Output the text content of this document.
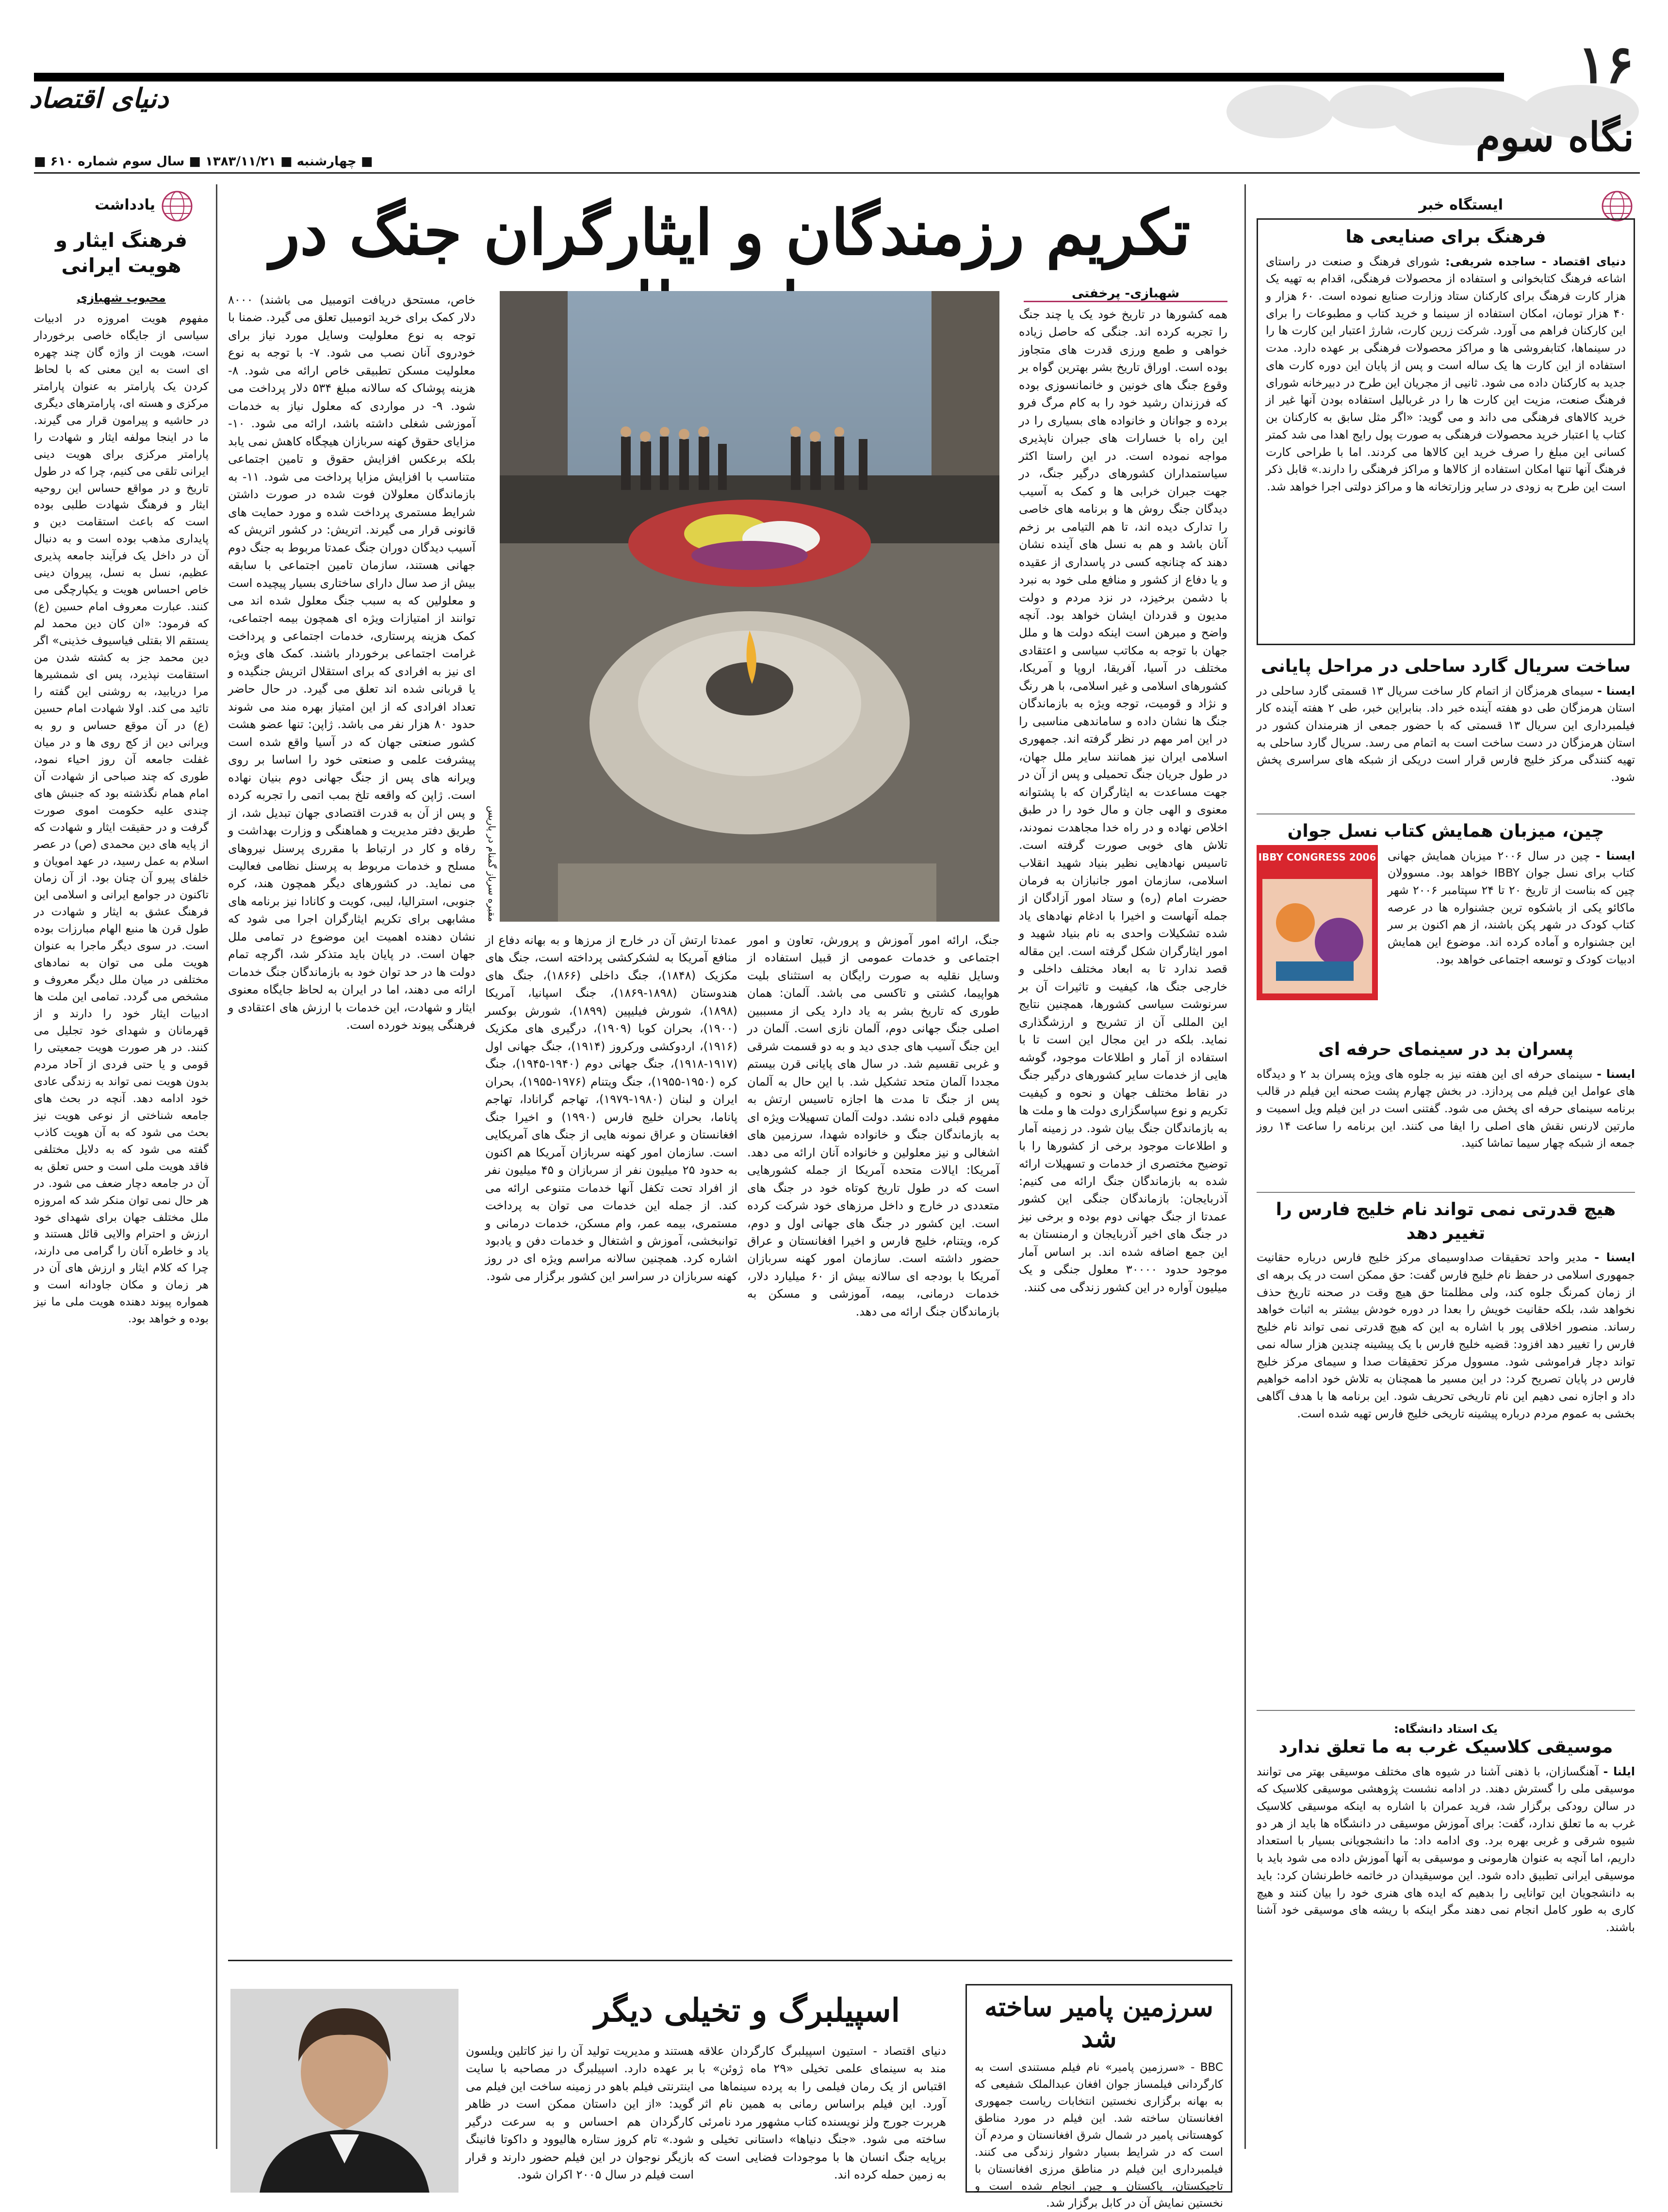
۱۶
نگاه سوم
دنیای اقتصاد
■ چهارشنبه ■ ۱۳۸۳/۱۱/۲۱ ■ سال سوم شماره ۶۱۰ ■
یادداشت
فرهنگ ایثار و هویت ایرانی
محبوب شهبازی
مفهوم هویت امروزه در ادبیات سیاسی از جایگاه خاصی برخوردار است، هویت از واژه گان چند چهره ای است به این معنی که با لحاظ کردن یک پارامتر به عنوان پارامتر مرکزی و هسته ای، پارامترهای دیگری در حاشیه و پیرامون قرار می گیرند. ما در اینجا مولفه ایثار و شهادت را پارامتر مرکزی برای هویت دینی ایرانی تلقی می کنیم، چرا که در طول تاریخ و در مواقع حساس این روحیه ایثار و فرهنگ شهادت طلبی بوده است که باعث استقامت دین و پایداری مذهب بوده است و به دنبال آن در داخل یک فرآیند جامعه پذیری عظیم، نسل به نسل، پیروان دینی خاص احساس هویت و یکپارچگی می کنند. عبارت معروف امام حسین (ع) که فرمود: «ان کان دین محمد لم یستقم الا بقتلی فیاسیوف خذینی» اگر دین محمد جز به کشته شدن من استقامت نپذیرد، پس ای شمشیرها مرا دریابید، به روشنی این گفته را تائید می کند. اولا شهادت امام حسین (ع) در آن موقع حساس و رو به ویرانی دین از کج روی ها و در میان غفلت جامعه آن روز احیاء نمود، طوری که چند صباحی از شهادت آن امام همام نگذشته بود که جنبش های چندی علیه حکومت اموی صورت گرفت و در حقیقت ایثار و شهادت که از پایه های دین محمدی (ص) در عصر اسلام به عمل رسید، در عهد امویان و خلفای پیرو آن چنان بود. از آن زمان تاکنون در جوامع ایرانی و اسلامی این فرهنگ عشق به ایثار و شهادت در طول قرن ها منبع الهام مبارزات بوده است. در سوی دیگر ماجرا به عنوان هویت ملی می توان به نمادهای مختلفی در میان ملل دیگر معروف و مشخص می گردد. تمامی این ملت ها ادبیات ایثار خود را دارند و از قهرمانان و شهدای خود تجلیل می کنند. در هر صورت هویت جمعیتی را قومی و یا حتی فردی از آحاد مردم بدون هویت نمی تواند به زندگی عادی خود ادامه دهد. آنچه در بحث های جامعه شناختی از نوعی هویت نیز بحث می شود که به آن هویت کاذب گفته می شود که به دلایل مختلفی فاقد هویت ملی است و حس تعلق به آن در جامعه دچار ضعف می شود. در هر حال نمی توان منکر شد که امروزه ملل مختلف جهان برای شهدای خود ارزش و احترام والایی قائل هستند و یاد و خاطره آنان را گرامی می دارند، چرا که کلام ایثار و ارزش های آن در هر زمان و مکان جاودانه است و همواره پیوند دهنده هویت ملی ما نیز بوده و خواهد بود.
تکریم رزمندگان و ایثارگران جنگ در
شهبازی- پرخفتی
همه کشورها در تاریخ خود یک یا چند جنگ را تجربه کرده اند. جنگی که حاصل زیاده خواهی و طمع ورزی قدرت های متجاوز بوده است. اوراق تاریخ بشر بهترین گواه بر وقوع جنگ های خونین و خانمانسوزی بوده که فرزندان رشید خود را به کام مرگ فرو برده و جوانان و خانواده های بسیاری را در این راه با خسارات های جبران ناپذیری مواجه نموده است. در این راستا اکثر سیاستمداران کشورهای درگیر جنگ، در جهت جبران خرابی ها و کمک به آسیب دیدگان جنگ روش ها و برنامه های خاصی را تدارک دیده اند، تا هم التیامی بر زخم آنان باشد و هم به نسل های آینده نشان دهند که چنانچه کسی در پاسداری از عقیده و یا دفاع از کشور و منافع ملی خود به نبرد با دشمن برخیزد، در نزد مردم و دولت مدیون و قدردان ایشان خواهد بود. آنچه واضح و مبرهن است اینکه دولت ها و ملل جهان با توجه به مکاتب سیاسی و اعتقادی مختلف در آسیا، آفریقا، اروپا و آمریکا، کشورهای اسلامی و غیر اسلامی، با هر رنگ و نژاد و قومیت، توجه ویژه به بازماندگان جنگ ها نشان داده و ساماندهی مناسبی را در این امر مهم در نظر گرفته اند. جمهوری اسلامی ایران نیز همانند سایر ملل جهان، در طول جریان جنگ تحمیلی و پس از آن در جهت مساعدت به ایثارگران که با پشتوانه معنوی و الهی جان و مال خود را در طبق اخلاص نهاده و در راه خدا مجاهدت نمودند، تلاش های خوبی صورت گرفته است. تاسیس نهادهایی نظیر بنیاد شهید انقلاب اسلامی، سازمان امور جانبازان به فرمان حضرت امام (ره) و ستاد امور آزادگان از جمله آنهاست و اخیرا با ادغام نهادهای یاد شده تشکیلات واحدی به نام بنیاد شهید و امور ایثارگران شکل گرفته است. این مقاله قصد ندارد تا به ابعاد مختلف داخلی و خارجی جنگ ها، کیفیت و تاثیرات آن بر سرنوشت سیاسی کشورها، همچنین نتایج این المللی آن از تشریح و ارزشگذاری نماید. بلکه در این مجال این است تا با استفاده از آمار و اطلاعات موجود، گوشه هایی از خدمات سایر کشورهای درگیر جنگ در نقاط مختلف جهان و نحوه و کیفیت تکریم و نوع سپاسگزاری دولت ها و ملت ها به بازماندگان جنگ بیان شود. در زمینه آمار و اطلاعات موجود برخی از کشورها را با توضیح مختصری از خدمات و تسهیلات ارائه شده به بازماندگان جنگ ارائه می کنیم: آذربایجان: بازماندگان جنگی این کشور عمدتا از جنگ جهانی دوم بوده و برخی نیز در جنگ های اخیر آذربایجان و ارمنستان به این جمع اضافه شده اند. بر اساس آمار موجود حدود ۳۰۰۰۰ معلول جنگی و یک میلیون آواره در این کشور زندگی می کنند.
مقبره سرباز گمنام در پاریس
جنگ، ارائه امور آموزش و پرورش، تعاون و امور اجتماعی و خدمات عمومی از قبیل استفاده از وسایل نقلیه به صورت رایگان به استثنای بلیت هواپیما، کشتی و تاکسی می باشد. آلمان: همان طوری که تاریخ بشر به یاد دارد یکی از مسببین اصلی جنگ جهانی دوم، آلمان نازی است. آلمان در این جنگ آسیب های جدی دید و به دو قسمت شرقی و غربی تقسیم شد. در سال های پایانی قرن بیستم مجددا آلمان متحد تشکیل شد. با این حال به آلمان پس از جنگ تا مدت ها اجازه تاسیس ارتش به مفهوم قبلی داده نشد. دولت آلمان تسهیلات ویژه ای به بازماندگان جنگ و خانواده شهدا، سرزمین های اشغالی و نیز معلولین و خانواده آنان ارائه می دهد. آمریکا: ایالات متحده آمریکا از جمله کشورهایی است که در طول تاریخ کوتاه خود در جنگ های متعددی در خارج و داخل مرزهای خود شرکت کرده است. این کشور در جنگ های جهانی اول و دوم، کره، ویتنام، خلیج فارس و اخیرا افغانستان و عراق حضور داشته است. سازمان امور کهنه سربازان آمریکا با بودجه ای سالانه بیش از ۶۰ میلیارد دلار، خدمات درمانی، بیمه، آموزشی و مسکن به بازماندگان جنگ ارائه می دهد.
عمدتا ارتش آن در خارج از مرزها و به بهانه دفاع از منافع آمریکا به لشکرکشی پرداخته است، جنگ های مکزیک (۱۸۴۸)، جنگ داخلی (۱۸۶۶)، جنگ های هندوستان (۱۸۹۸-۱۸۶۹)، جنگ اسپانیا، آمریکا (۱۸۹۸)، شورش فیلیپین (۱۸۹۹)، شورش بوکسر (۱۹۰۰)، بحران کوبا (۱۹۰۹)، درگیری های مکزیک (۱۹۱۶)، اردوکشی ورکروز (۱۹۱۴)، جنگ جهانی اول (۱۹۱۷-۱۹۱۸)، جنگ جهانی دوم (۱۹۴۰-۱۹۴۵)، جنگ کره (۱۹۵۰-۱۹۵۵)، جنگ ویتنام (۱۹۷۶-۱۹۵۵)، بحران ایران و لبنان (۱۹۸۰-۱۹۷۹)، تهاجم گرانادا، تهاجم پاناما، بحران خلیج فارس (۱۹۹۰) و اخیرا جنگ افغانستان و عراق نمونه هایی از جنگ های آمریکایی است. سازمان امور کهنه سربازان آمریکا هم اکنون به حدود ۲۵ میلیون نفر از سربازان و ۴۵ میلیون نفر از افراد تحت تکفل آنها خدمات متنوعی ارائه می کند. از جمله این خدمات می توان به پرداخت مستمری، بیمه عمر، وام مسکن، خدمات درمانی و توانبخشی، آموزش و اشتغال و خدمات دفن و یادبود اشاره کرد. همچنین سالانه مراسم ویژه ای در روز کهنه سربازان در سراسر این کشور برگزار می شود.
خاص، مستحق دریافت اتومبیل می باشند) ۸۰۰۰ دلار کمک برای خرید اتومبیل تعلق می گیرد. ضمنا با توجه به نوع معلولیت وسایل مورد نیاز برای خودروی آنان نصب می شود. ۷- با توجه به نوع معلولیت مسکن تطبیقی خاص ارائه می شود. ۸- هزینه پوشاک که سالانه مبلغ ۵۳۴ دلار پرداخت می شود. ۹- در مواردی که معلول نیاز به خدمات آموزشی شغلی داشته باشد، ارائه می شود. ۱۰- مزایای حقوق کهنه سربازان هیچگاه کاهش نمی یابد بلکه برعکس افزایش حقوق و تامین اجتماعی متناسب با افزایش مزایا پرداخت می شود. ۱۱- به بازماندگان معلولان فوت شده در صورت داشتن شرایط مستمری پرداخت شده و مورد حمایت های قانونی قرار می گیرند. اتریش: در کشور اتریش که آسیب دیدگان دوران جنگ عمدتا مربوط به جنگ دوم جهانی هستند، سازمان تامین اجتماعی با سابقه بیش از صد سال دارای ساختاری بسیار پیچیده است و معلولین که به سبب جنگ معلول شده اند می توانند از امتیازات ویژه ای همچون بیمه اجتماعی، کمک هزینه پرستاری، خدمات اجتماعی و پرداخت غرامت اجتماعی برخوردار باشند. کمک های ویژه ای نیز به افرادی که برای استقلال اتریش جنگیده و یا قربانی شده اند تعلق می گیرد. در حال حاضر تعداد افرادی که از این امتیاز بهره مند می شوند حدود ۸۰ هزار نفر می باشد. ژاپن: تنها عضو هشت کشور صنعتی جهان که در آسیا واقع شده است پیشرفت علمی و صنعتی خود را اساسا بر روی ویرانه های پس از جنگ جهانی دوم بنیان نهاده است. ژاپن که واقعه تلخ بمب اتمی را تجربه کرده و پس از آن به قدرت اقتصادی جهان تبدیل شد، از طریق دفتر مدیریت و هماهنگی و وزارت بهداشت و رفاه و کار در ارتباط با مقرری پرسنل نیروهای مسلح و خدمات مربوط به پرسنل نظامی فعالیت می نماید. در کشورهای دیگر همچون هند، کره جنوبی، استرالیا، لیبی، کویت و کانادا نیز برنامه های مشابهی برای تکریم ایثارگران اجرا می شود که نشان دهنده اهمیت این موضوع در تمامی ملل جهان است. در پایان باید متذکر شد، اگرچه تمام دولت ها در حد توان خود به بازماندگان جنگ خدمات ارائه می دهند، اما در ایران به لحاظ جایگاه معنوی ایثار و شهادت، این خدمات با ارزش های اعتقادی و فرهنگی پیوند خورده است.
اسپیلبرگ و تخیلی دیگر
دنیای اقتصاد - استیون اسپیلبرگ کارگردان علاقه مند به سینمای علمی تخیلی «۲۹ ماه ژوئن» با اقتباس از یک رمان فیلمی را به پرده سینماها می آورد. این فیلم براساس رمانی به همین نام اثر هربرت جورج ولز نویسنده کتاب مشهور مرد نامرئی ساخته می شود. «جنگ دنیاها» داستانی تخیلی و برپایه جنگ انسان ها با موجودات فضایی است که به زمین حمله کرده اند.
هستند و مدیریت تولید آن را نیز کاتلین ویلسون بر عهده دارد. اسپیلبرگ در مصاحبه با سایت اینترنتی فیلم باهو در زمینه ساخت این فیلم می گوید: «از این داستان ممکن است در ظاهر کارگردان هم احساس و به سرعت درگیر شود.» تام کروز ستاره هالیوود و داکوتا فانینگ بازیگر نوجوان در این فیلم حضور دارند و قرار است فیلم در سال ۲۰۰۵ اکران شود.
سرزمین پامیر ساخته شد
BBC - «سرزمین پامیر» نام فیلم مستندی است به کارگردانی فیلمساز جوان افغان عبدالملک شفیعی که به بهانه برگزاری نخستین انتخابات ریاست جمهوری افغانستان ساخته شد. این فیلم در مورد مناطق کوهستانی پامیر در شمال شرق افغانستان و مردم آن است که در شرایط بسیار دشوار زندگی می کنند. فیلمبرداری این فیلم در مناطق مرزی افغانستان با تاجیکستان، پاکستان و چین انجام شده است و نخستین نمایش آن در کابل برگزار شد.
ایستگاه خبر
فرهنگ برای صنایعی ها
دنیای اقتصاد - ساجده شریفی: شورای فرهنگ و صنعت در راستای اشاعه فرهنگ کتابخوانی و استفاده از محصولات فرهنگی، اقدام به تهیه یک هزار کارت فرهنگ برای کارکنان ستاد وزارت صنایع نموده است. ۶۰ هزار و ۴۰ هزار تومان، امکان استفاده از سینما و خرید کتاب و مطبوعات را برای این کارکنان فراهم می آورد. شرکت زرین کارت، شارژ اعتبار این کارت ها را در سینماها، کتابفروشی ها و مراکز محصولات فرهنگی بر عهده دارد. مدت استفاده از این کارت ها یک ساله است و پس از پایان این دوره کارت های جدید به کارکنان داده می شود. ثانیی از مجریان این طرح در دبیرخانه شورای فرهنگ صنعت، مزیت این کارت ها را در غربالیل استفاده بودن آنها غیر از خرید کالاهای فرهنگی می داند و می گوید: «اگر مثل سابق به کارکنان بن کتاب یا اعتبار خرید محصولات فرهنگی به صورت پول رایج اهدا می شد کمتر کسانی این مبلغ را صرف خرید این کالاها می کردند. اما با طراحی کارت فرهنگ آنها تنها امکان استفاده از کالاها و مراکز فرهنگی را دارند.» قابل ذکر است این طرح به زودی در سایر وزارتخانه ها و مراکز دولتی اجرا خواهد شد.
ساخت سریال گارد ساحلی در مراحل پایانی
ایسنا - سیمای هرمزگان از اتمام کار ساخت سریال ۱۳ قسمتی گارد ساحلی در استان هرمزگان طی دو هفته آینده خبر داد. بنابراین خبر، طی ۲ هفته آینده کار فیلمبرداری این سریال ۱۳ قسمتی که با حضور جمعی از هنرمندان کشور در استان هرمزگان در دست ساخت است به اتمام می رسد. سریال گارد ساحلی به تهیه کنندگی مرکز خلیج فارس قرار است دریکی از شبکه های سراسری پخش شود.
چین، میزبان همایش کتاب نسل جوان
IBBY CONGRESS 2006	ایسنا - چین در سال ۲۰۰۶ میزبان همایش جهانی کتاب برای نسل جوان IBBY خواهد بود. مسوولان چین که بناست از تاریخ ۲۰ تا ۲۴ سپتامبر ۲۰۰۶ شهر ماکائو یکی از باشکوه ترین جشنواره ها در عرصه کتاب کودک در شهر پکن باشند، از هم اکنون بر سر این جشنواره و آماده کرده اند. موضوع این همایش ادبیات کودک و توسعه اجتماعی خواهد بود.
پسران بد در سینمای حرفه ای
ایسنا - سینمای حرفه ای این هفته نیز به جلوه های ویژه پسران بد ۲ و دیدگاه های عوامل این فیلم می پردازد. در بخش چهارم پشت صحنه این فیلم در قالب برنامه سینمای حرفه ای پخش می شود. گفتنی است در این فیلم ویل اسمیت و مارتین لارنس نقش های اصلی را ایفا می کنند. این برنامه را ساعت ۱۴ روز جمعه از شبکه چهار سیما تماشا کنید.
هیچ قدرتی نمی تواند نام خلیج فارس را تغییر دهد
ایسنا - مدیر واحد تحقیقات صداوسیمای مرکز خلیج فارس درباره حقانیت جمهوری اسلامی در حفظ نام خلیج فارس گفت: حق ممکن است در یک برهه ای از زمان کمرنگ جلوه کند، ولی مظلمتا حق هیچ وقت در صحنه تاریخ حذف نخواهد شد، بلکه حقانیت خویش را بعدا در دوره خودش بیشتر به اثبات خواهد رساند. منصور اخلاقی پور با اشاره به این که هیچ قدرتی نمی تواند نام خلیج فارس را تغییر دهد افزود: قضیه خلیج فارس با یک پیشینه چندین هزار ساله نمی تواند دچار فراموشی شود. مسوول مرکز تحقیقات صدا و سیمای مرکز خلیج فارس در پایان تصریح کرد: در این مسیر ما همچنان به تلاش خود ادامه خواهیم داد و اجازه نمی دهیم این نام تاریخی تحریف شود. این برنامه ها با هدف آگاهی بخشی به عموم مردم درباره پیشینه تاریخی خلیج فارس تهیه شده است.
یک استاد دانشگاه:
موسیقی کلاسیک غرب به ما تعلق ندارد
ایلنا - آهنگسازان، با ذهنی آشنا در شیوه های مختلف موسیقی بهتر می توانند موسیقی ملی را گسترش دهند. در ادامه نشست پژوهشی موسیقی کلاسیک که در سالن رودکی برگزار شد، فرید عمران با اشاره به اینکه موسیقی کلاسیک غرب به ما تعلق ندارد، گفت: برای آموزش موسیقی در دانشگاه ها باید از هر دو شیوه شرقی و غربی بهره برد. وی ادامه داد: ما دانشجویانی بسیار با استعداد داریم، اما آنچه به عنوان هارمونی و موسیقی به آنها آموزش داده می شود باید با موسیقی ایرانی تطبیق داده شود. این موسیقیدان در خاتمه خاطرنشان کرد: باید به دانشجویان این توانایی را بدهیم که ایده های هنری خود را بیان کنند و هیچ کاری به طور کامل انجام نمی دهند مگر اینکه با ریشه های موسیقی خود آشنا باشند.
